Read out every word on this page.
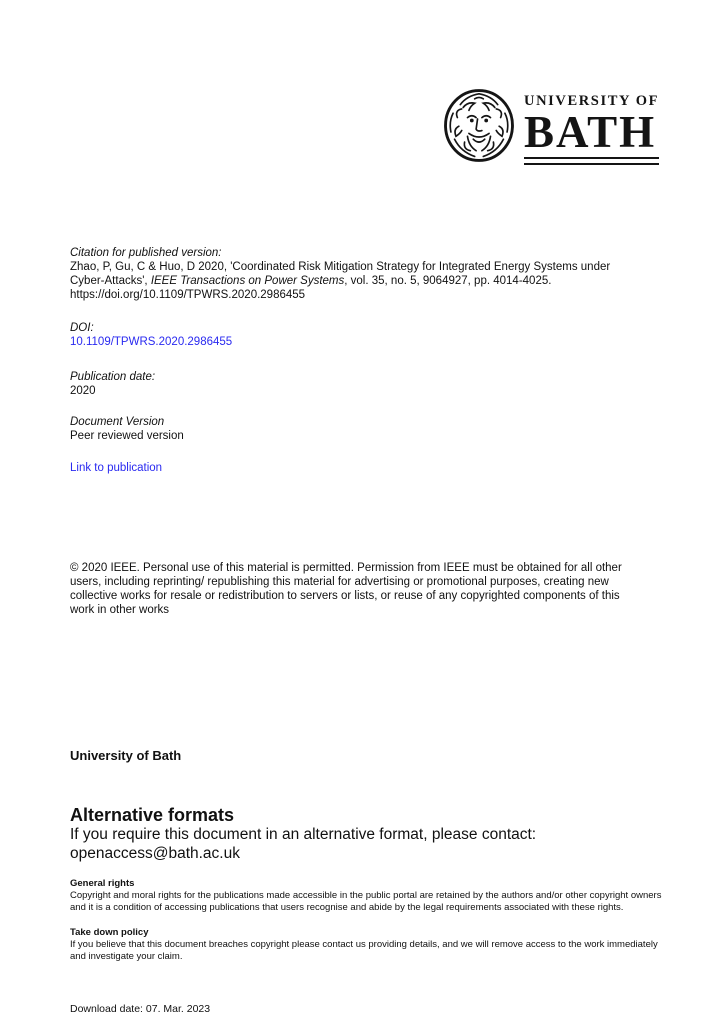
UNIVERSITY OF
BATH
Citation for published version:
Zhao, P, Gu, C & Huo, D 2020, 'Coordinated Risk Mitigation Strategy for Integrated Energy Systems under
Cyber-Attacks', IEEE Transactions on Power Systems, vol. 35, no. 5, 9064927, pp. 4014-4025.
https://doi.org/10.1109/TPWRS.2020.2986455
DOI:
10.1109/TPWRS.2020.2986455
Publication date:
2020
Document Version
Peer reviewed version
Link to publication
© 2020 IEEE. Personal use of this material is permitted. Permission from IEEE must be obtained for all other
users, including reprinting/ republishing this material for advertising or promotional purposes, creating new
collective works for resale or redistribution to servers or lists, or reuse of any copyrighted components of this
work in other works
University of Bath
Alternative formats
If you require this document in an alternative format, please contact:
openaccess@bath.ac.uk
General rights
Copyright and moral rights for the publications made accessible in the public portal are retained by the authors and/or other copyright owners
and it is a condition of accessing publications that users recognise and abide by the legal requirements associated with these rights.
Take down policy
If you believe that this document breaches copyright please contact us providing details, and we will remove access to the work immediately
and investigate your claim.
Download date: 07. Mar. 2023
